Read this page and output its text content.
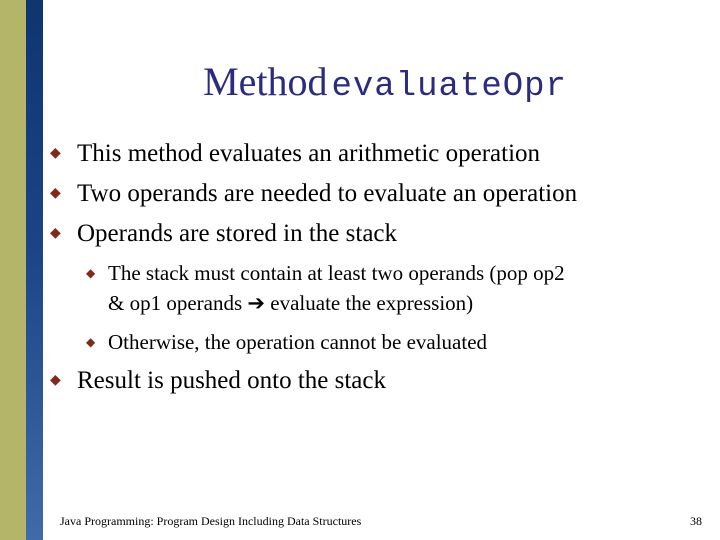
Method evaluateOpr
◆ This method evaluates an arithmetic operation
◆ Two operands are needed to evaluate an operation
◆ Operands are stored in the stack
◆ The stack must contain at least two operands (pop op2
& op1 operands ➔ evaluate the expression)
◆ Otherwise, the operation cannot be evaluated
◆ Result is pushed onto the stack
Java Programming: Program Design Including Data Structures	38
